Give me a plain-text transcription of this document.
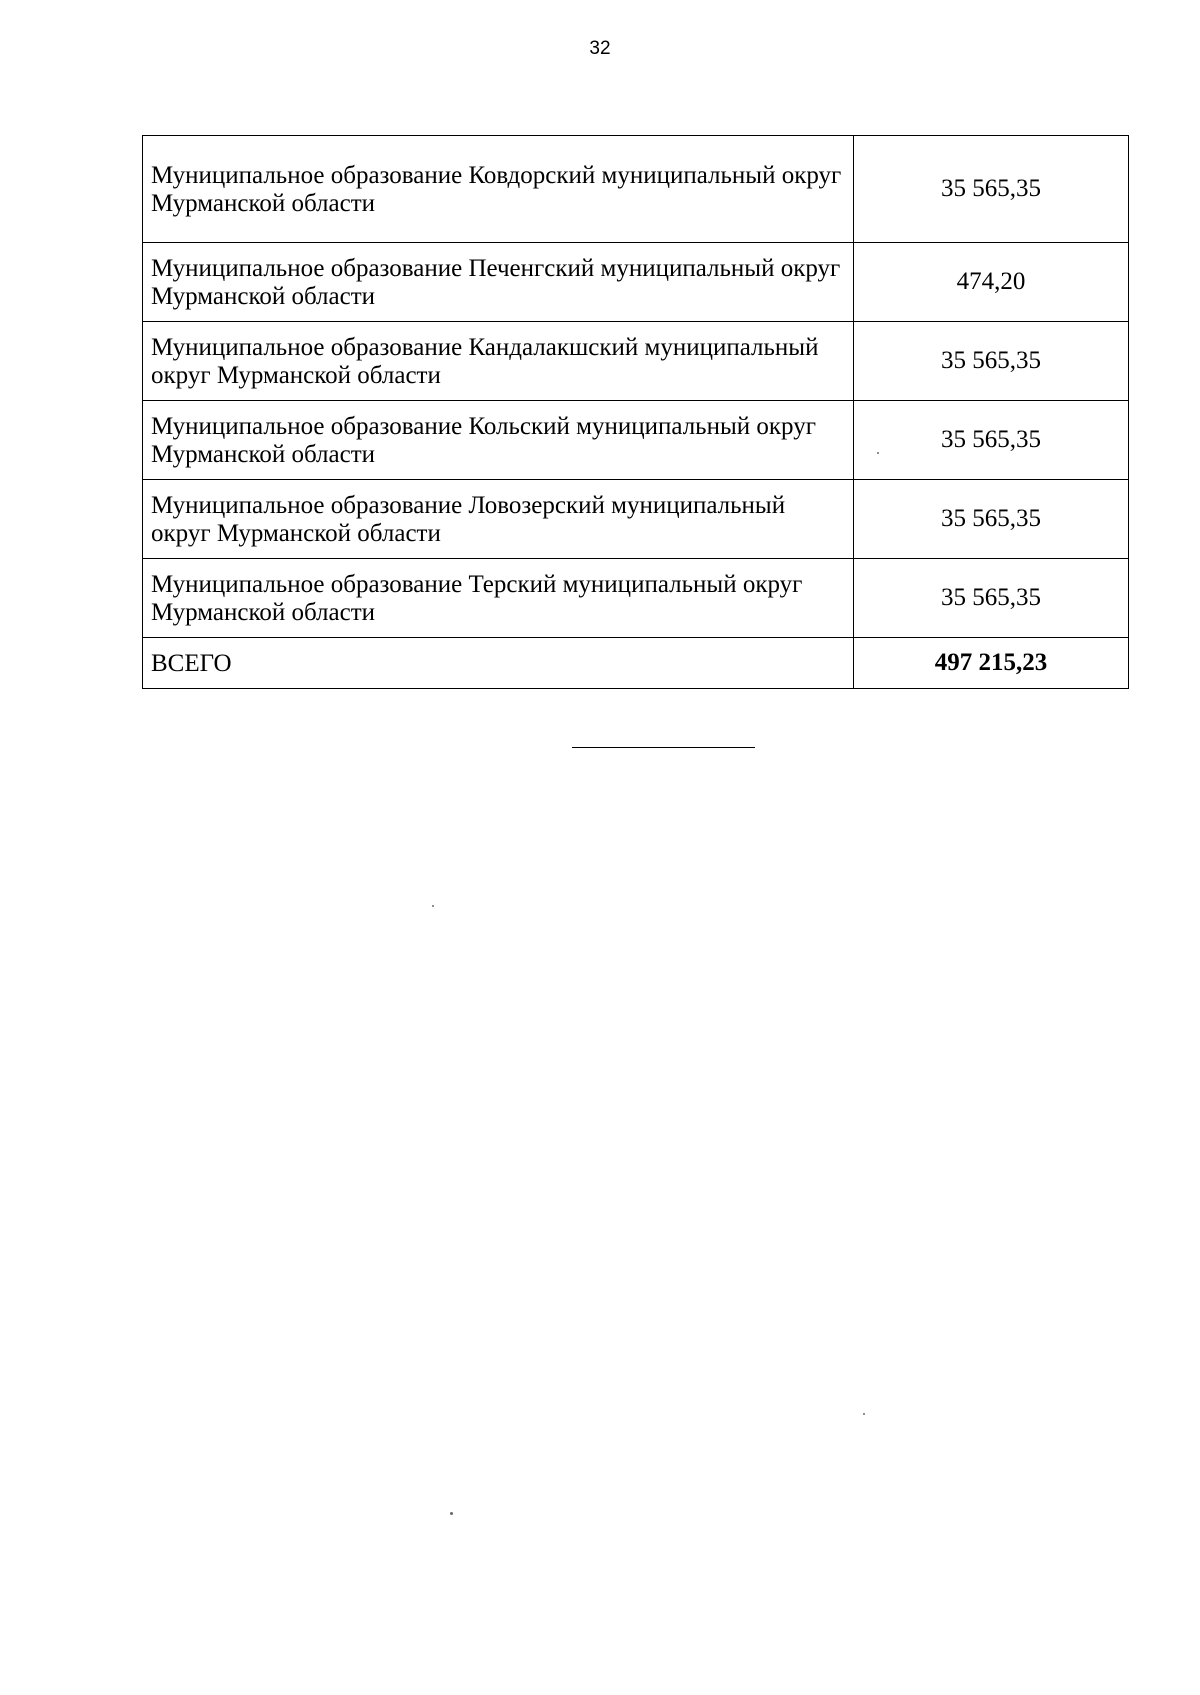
32
Муниципальное образование Ковдорский муниципальный округ Мурманской области	35 565,35
Муниципальное образование Печенгский муниципальный округ Мурманской области	474,20
Муниципальное образование Кандалакшский муниципальный округ Мурманской области	35 565,35
Муниципальное образование Кольский муниципальный округ Мурманской области	35 565,35
Муниципальное образование Ловозерский муниципальный округ Мурманской области	35 565,35
Муниципальное образование Терский муниципальный округ Мурманской области	35 565,35
ВСЕГО	497 215,23
